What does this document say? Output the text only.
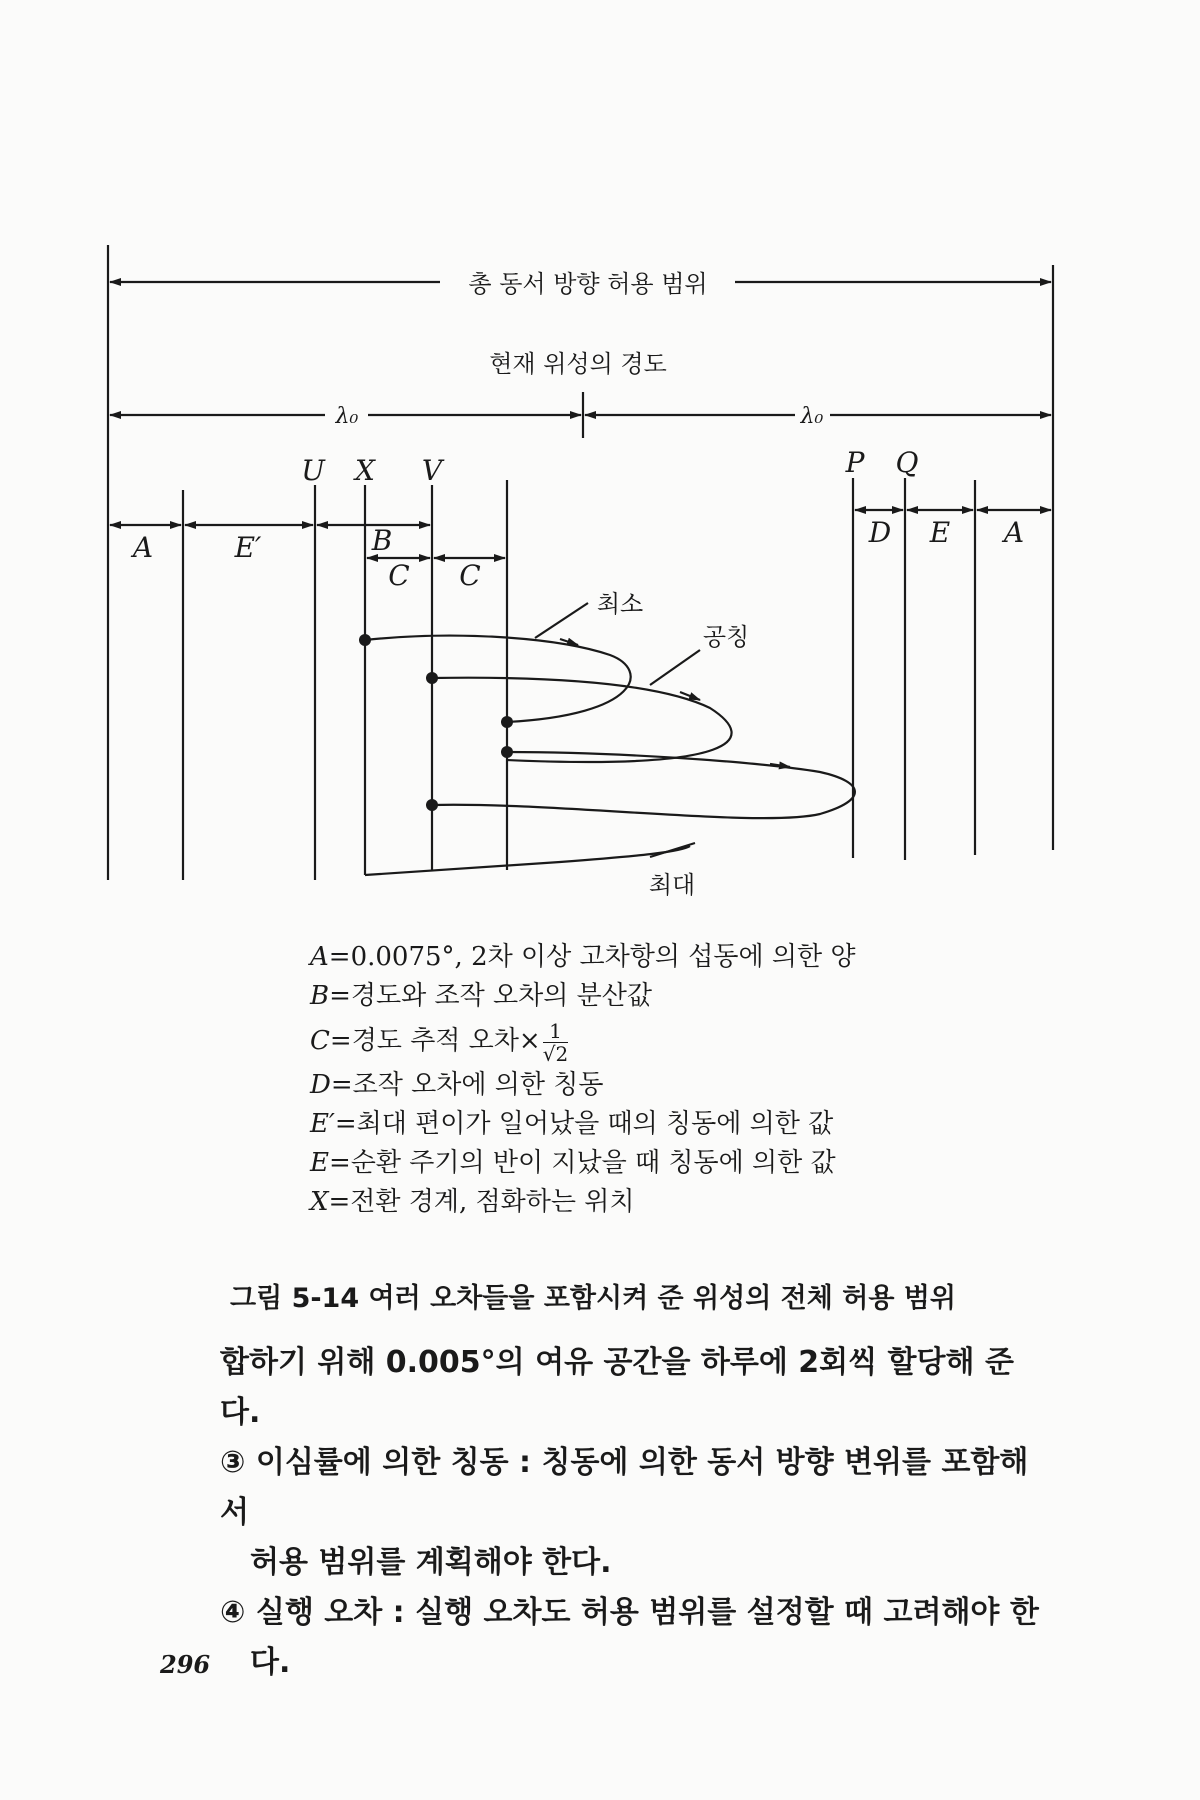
총 동서 방향 허용 범위
현재 위성의 경도
λ₀	λ₀
U X V	P Q
A	E′	B
C C
D E A
최소
공칭
최대
A=0.0075°, 2차 이상 고차항의 섭동에 의한 양
B=경도와 조작 오차의 분산값
C=경도 추적 오차× $\frac{1}{√2}$
D=조작 오차에 의한 칭동
E′=최대 편이가 일어났을 때의 칭동에 의한 값
E=순환 주기의 반이 지났을 때 칭동에 의한 값
X=전환 경계, 점화하는 위치
그림 5-14 여러 오차들을 포함시켜 준 위성의 전체 허용 범위

합하기 위해 0.005°의 여유 공간을 하루에 2회씩 할당해 준다.

③ 이심률에 의한 칭동 : 칭동에 의한 동서 방향 변위를 포함해서

허용 범위를 계획해야 한다.

④ 실행 오차 : 실행 오차도 허용 범위를 설정할 때 고려해야 한

다.

296
